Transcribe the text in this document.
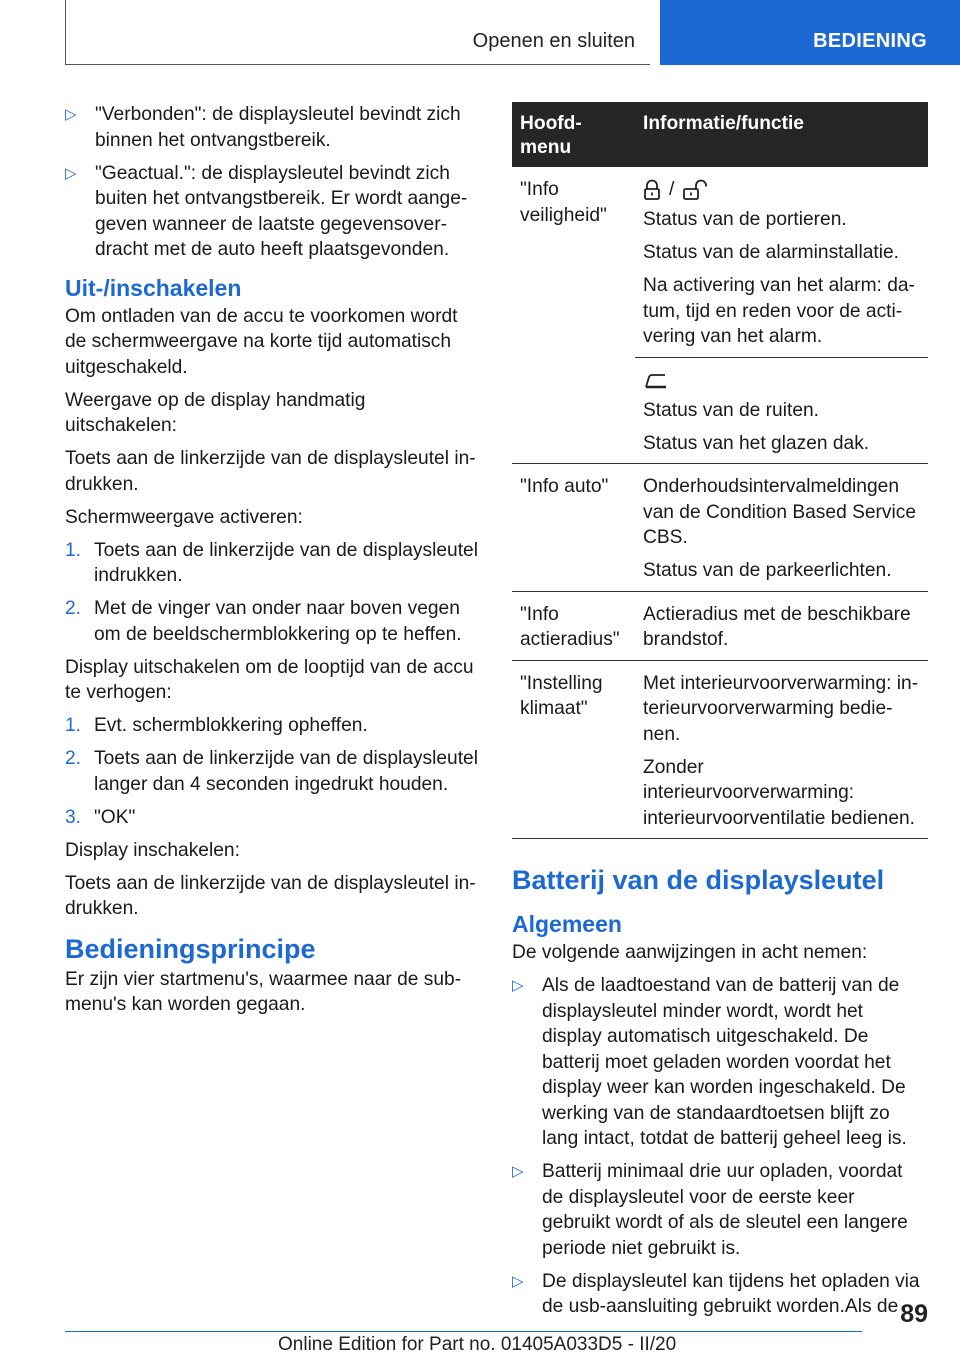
Openen en sluiten	BEDIENING
▷ "Verbonden": de displaysleutel bevindt zich binnen het ontvangstbereik.
▷ "Geactual.": de displaysleutel bevindt zich buiten het ontvangstbereik. Er wordt aange-geven wanneer de laatste gegevensover-dracht met de auto heeft plaatsgevonden.
Uit-/inschakelen

Om ontladen van de accu te voorkomen wordt de schermweergave na korte tijd automatisch uitgeschakeld.

Weergave op de display handmatig uitschakelen:

Toets aan de linkerzijde van de displaysleutel in-drukken.

Schermweergave activeren:

1. Toets aan de linkerzijde van de displaysleutel indrukken.
2. Met de vinger van onder naar boven vegen om de beeldschermblokkering op te heffen.

Display uitschakelen om de looptijd van de accu te verhogen:

1. Evt. schermblokkering opheffen.
2. Toets aan de linkerzijde van de displaysleutel langer dan 4 seconden ingedrukt houden.
3. "OK"

Display inschakelen:

Toets aan de linkerzijde van de displaysleutel in-drukken.

Bedieningsprincipe

Er zijn vier startmenu's, waarmee naar de sub-menu's kan worden gegaan.

Hoofd-menu	Informatie/functie
"Info veiligheid"	/

Status van de portieren.

Status van de alarminstallatie.

Na activering van het alarm: da-tum, tijd en reden voor de acti-vering van het alarm.

	Status van de ruiten.

Status van het glazen dak.

"Info auto"	Onderhoudsintervalmeldingen van de Condition Based Service CBS.

Status van de parkeerlichten.

"Info actieradius"	Actieradius met de beschikbare brandstof.

"Instelling klimaat"	Met interieurvoorverwarming: in-terieurvoorverwarming bedie-nen.

Zonder interieurvoorverwarming: interieurvoorventilatie bedienen.

Batterij van de displaysleutel
Algemeen

De volgende aanwijzingen in acht nemen:

▷ Als de laadtoestand van de batterij van de displaysleutel minder wordt, wordt het display automatisch uitgeschakeld. De batterij moet geladen worden voordat het display weer kan worden ingeschakeld. De werking van de standaardtoetsen blijft zo lang intact, totdat de batterij geheel leeg is.
▷ Batterij minimaal drie uur opladen, voordat de displaysleutel voor de eerste keer gebruikt wordt of als de sleutel een langere periode niet gebruikt is.
▷ De displaysleutel kan tijdens het opladen via de usb-aansluiting gebruikt worden.Als de 89
Online Edition for Part no. 01405A033D5 - II/20
